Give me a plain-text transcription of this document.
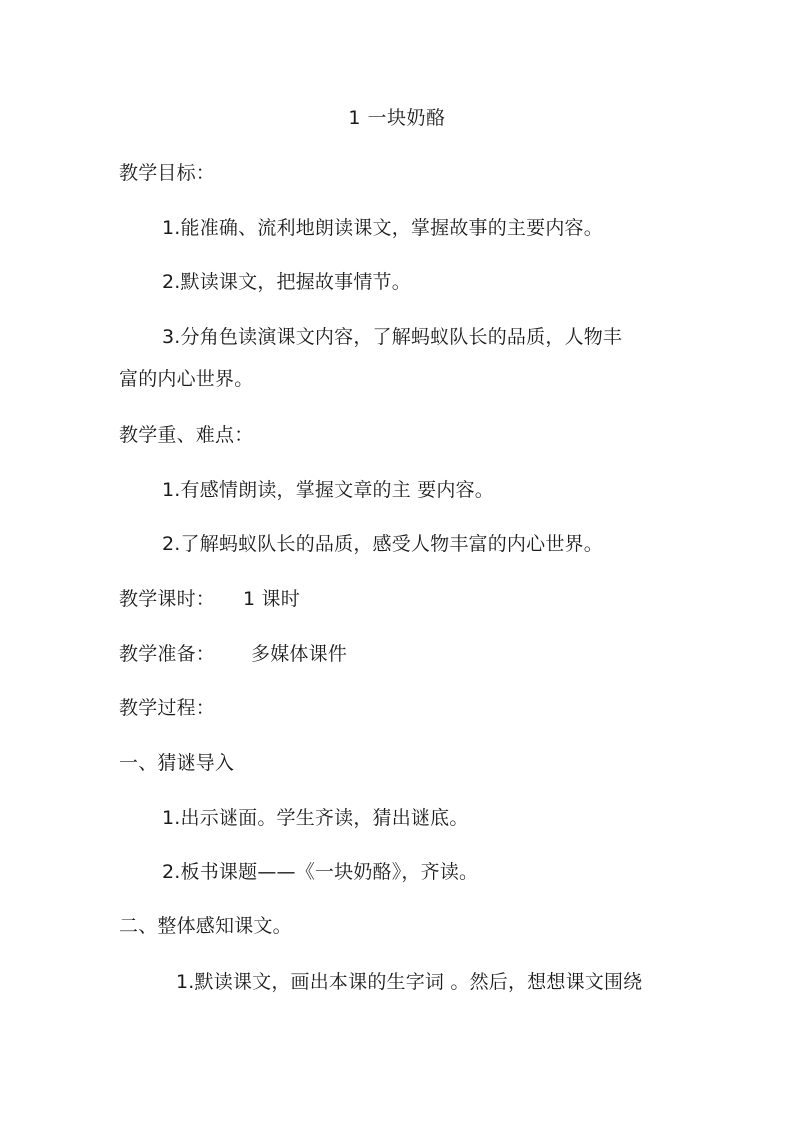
1 一块奶酪
教学目标：
1.能准确、流利地朗读课文，掌握故事的主要内容。
2.默读课文，把握故事情节。
3.分角色读演课文内容，了解蚂蚁队长的品质，人物丰
富的内心世界。
教学重、难点：
1.有感情朗读，掌握文章的主 要内容。
2.了解蚂蚁队长的品质，感受人物丰富的内心世界。
教学课时： 1 课时
教学准备： 多媒体课件
教学过程：
一、猜谜导入
1.出示谜面。学生齐读，猜出谜底。
2.板书课题——《一块奶酪》，齐读。
二、整体感知课文。
1.默读课文，画出本课的生字词 。然后，想想课文围绕
